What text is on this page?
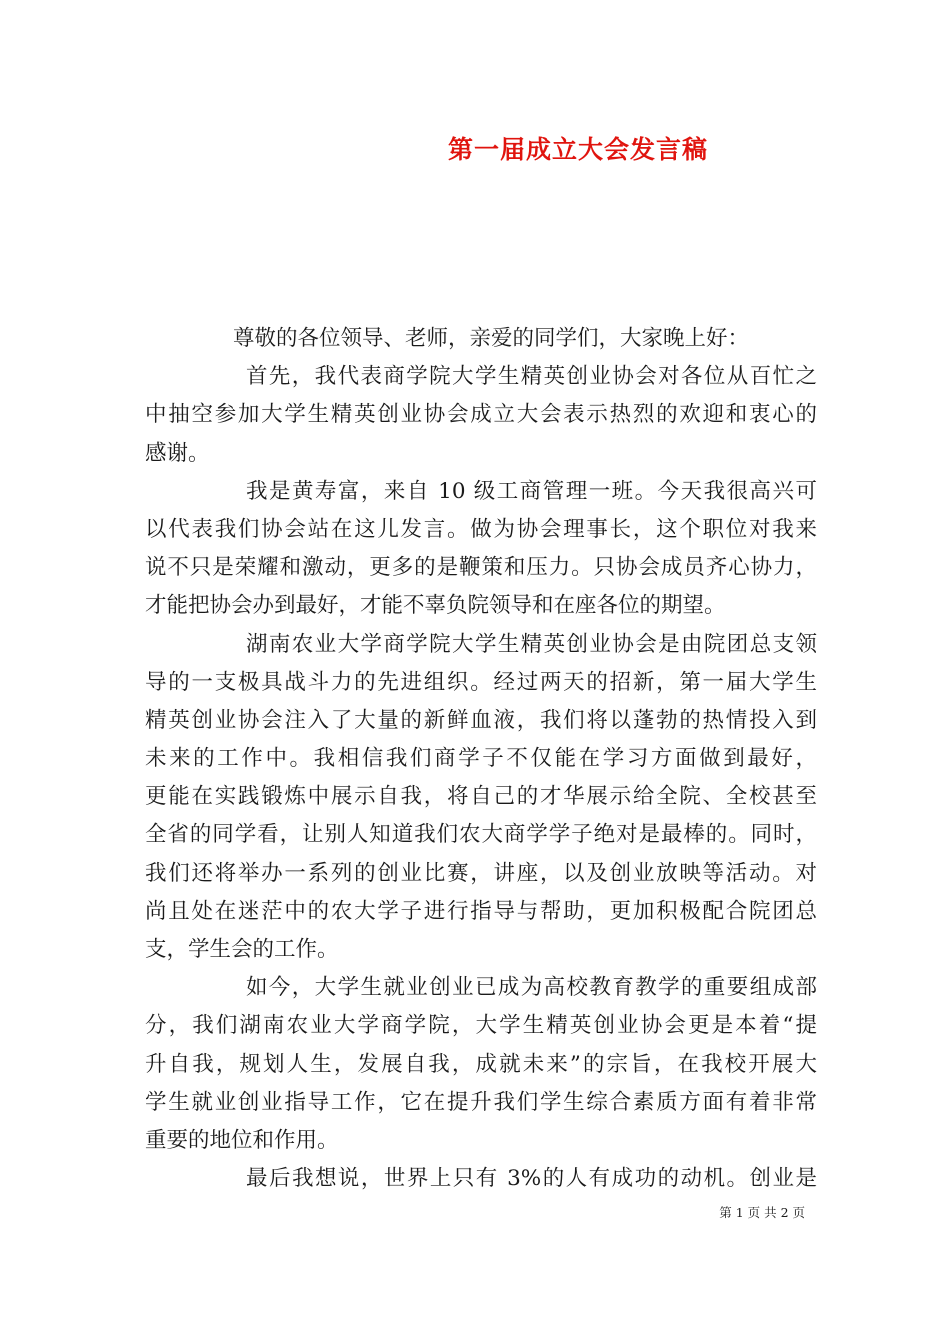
第一届成立大会发言稿
尊敬的各位领导、老师，亲爱的同学们，大家晚上好：
首先，我代表商学院大学生精英创业协会对各位从百忙之
中抽空参加大学生精英创业协会成立大会表示热烈的欢迎和衷心的
感谢。
我是黄寿富，来自 10 级工商管理一班。今天我很高兴可
以代表我们协会站在这儿发言。做为协会理事长，这个职位对我来
说不只是荣耀和激动，更多的是鞭策和压力。只协会成员齐心协力，
才能把协会办到最好，才能不辜负院领导和在座各位的期望。
湖南农业大学商学院大学生精英创业协会是由院团总支领
导的一支极具战斗力的先进组织。经过两天的招新，第一届大学生
精英创业协会注入了大量的新鲜血液，我们将以蓬勃的热情投入到
未来的工作中。我相信我们商学子不仅能在学习方面做到最好，
更能在实践锻炼中展示自我，将自己的才华展示给全院、全校甚至
全省的同学看，让别人知道我们农大商学学子绝对是最棒的。同时，
我们还将举办一系列的创业比赛，讲座，以及创业放映等活动。对
尚且处在迷茫中的农大学子进行指导与帮助，更加积极配合院团总
支，学生会的工作。
如今，大学生就业创业已成为高校教育教学的重要组成部
分，我们湖南农业大学商学院，大学生精英创业协会更是本着“提
升自我，规划人生，发展自我，成就未来”的宗旨，在我校开展大
学生就业创业指导工作，它在提升我们学生综合素质方面有着非常
重要的地位和作用。
最后我想说，世界上只有 3%的人有成功的动机。创业是
第 1 页 共 2 页
